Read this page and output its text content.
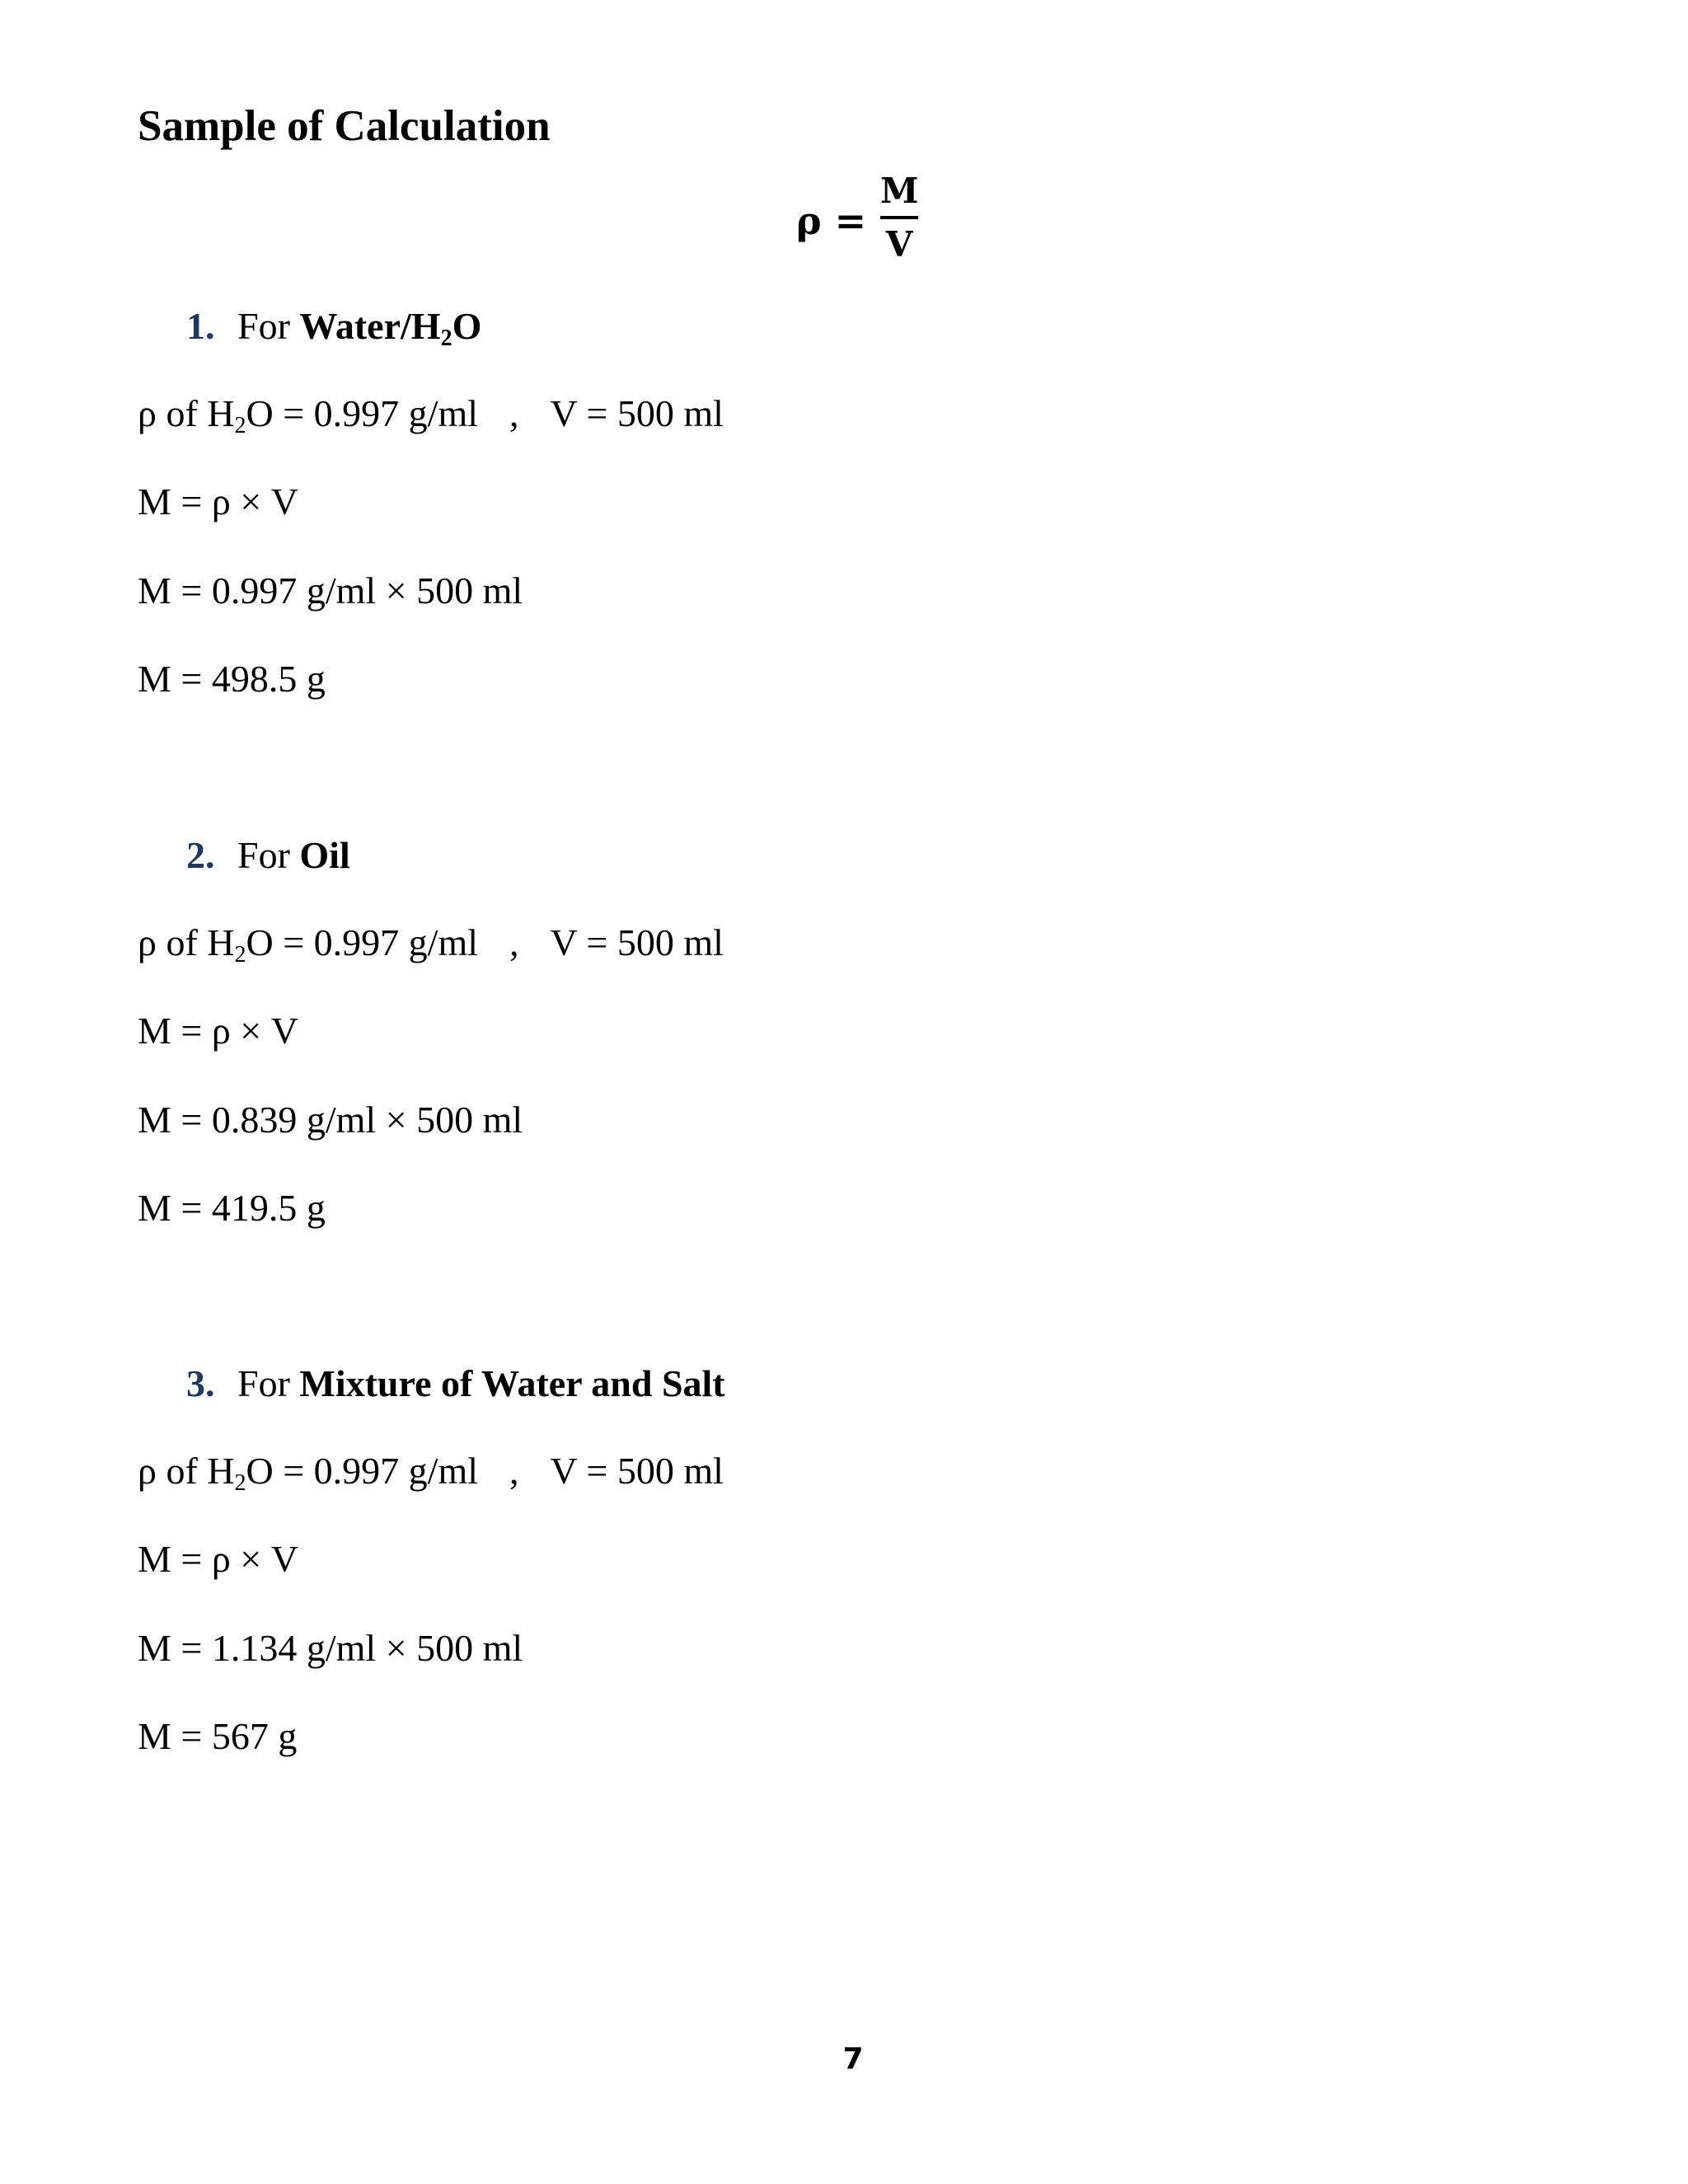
Sample of Calculation
ρ =
M
V
1. For Water/$H_2O$
ρ of $H_2O = 0.997$ g/ml , V = 500 ml
M = ρ × V
M = 0.997 g/ml × 500 ml
M = 498.5 g
2. For Oil
ρ of $H_2O = 0.997$ g/ml , V = 500 ml
M = ρ × V
M = 0.839 g/ml × 500 ml
M = 419.5 g
3. For Mixture of Water and Salt
ρ of $H_2O = 0.997$ g/ml , V = 500 ml
M = ρ × V
M = 1.134 g/ml × 500 ml
M = 567 g
7
